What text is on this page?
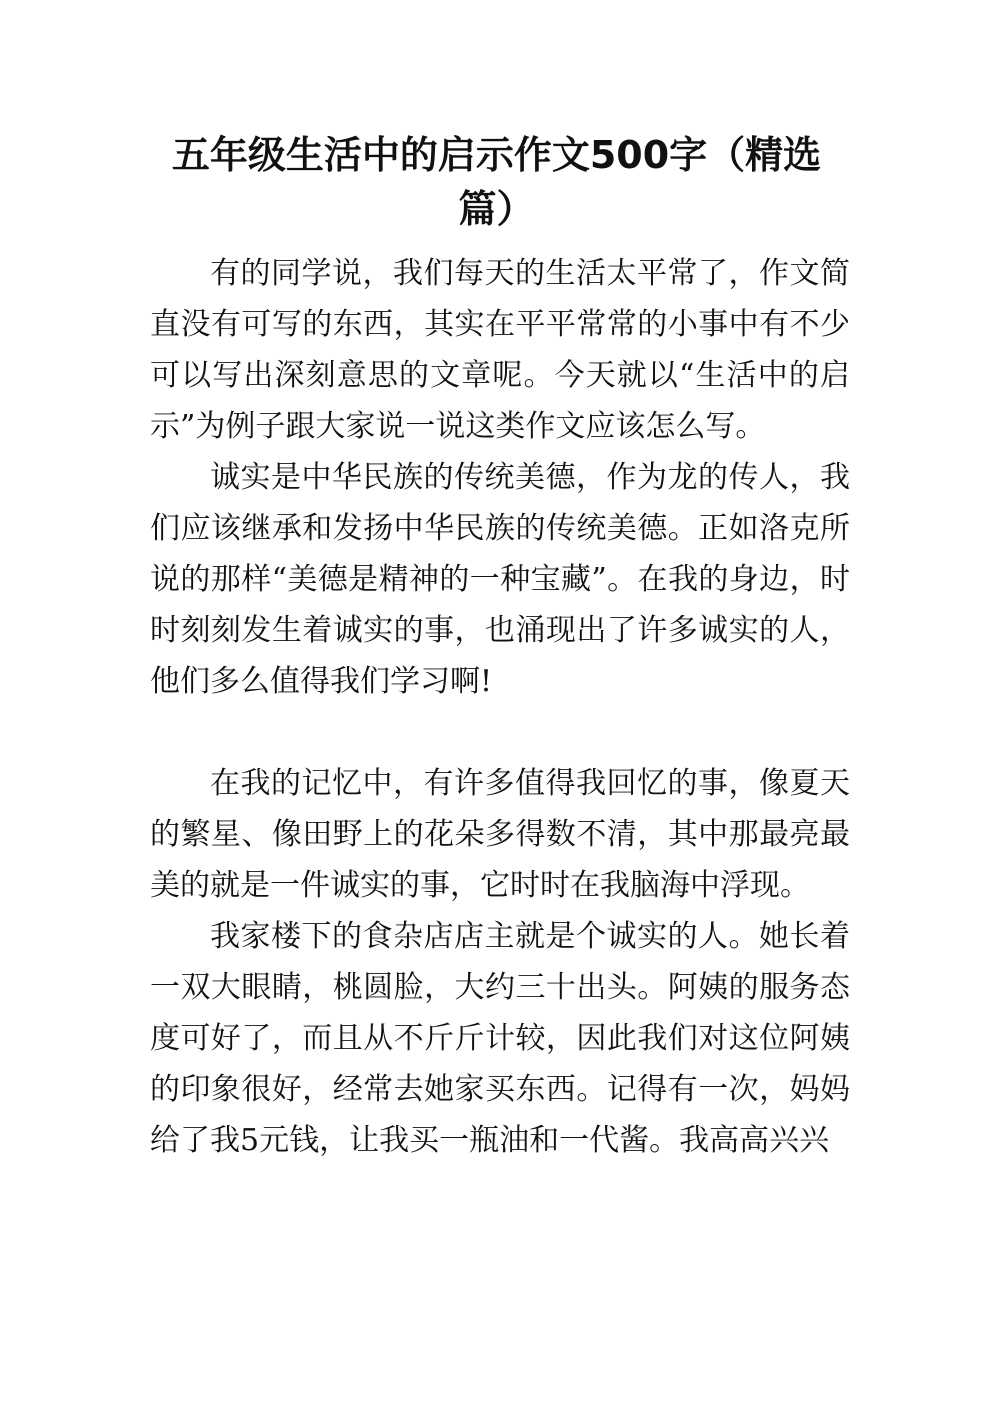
五年级生活中的启示作文500字（精选篇）

有的同学说，我们每天的生活太平常了，作文简直没有可写的东西，其实在平平常常的小事中有不少可以写出深刻意思的文章呢。今天就以“生活中的启示”为例子跟大家说一说这类作文应该怎么写。

诚实是中华民族的传统美德，作为龙的传人，我们应该继承和发扬中华民族的传统美德。正如洛克所说的那样“美德是精神的一种宝藏”。在我的身边，时时刻刻发生着诚实的事，也涌现出了许多诚实的人，他们多么值得我们学习啊!

在我的记忆中，有许多值得我回忆的事，像夏天的繁星、像田野上的花朵多得数不清，其中那最亮最美的就是一件诚实的事，它时时在我脑海中浮现。

我家楼下的食杂店店主就是个诚实的人。她长着一双大眼睛，桃圆脸，大约三十出头。阿姨的服务态度可好了，而且从不斤斤计较，因此我们对这位阿姨的印象很好，经常去她家买东西。记得有一次，妈妈给了我5元钱，让我买一瓶油和一代酱。我高高兴兴
